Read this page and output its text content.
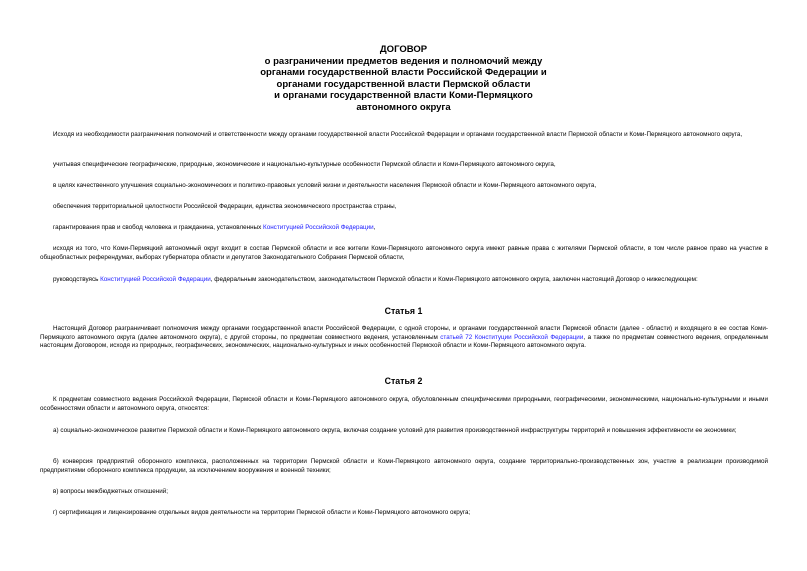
ДОГОВОР
о разграничении предметов ведения и полномочий между
органами государственной власти Российской Федерации и
органами государственной власти Пермской области
и органами государственной власти Коми-Пермяцкого
автономного округа
Исходя из необходимости разграничения полномочий и ответственности между органами государственной власти Российской Федерации и органами государственной власти Пермской области и Коми-Пермяцкого автономного округа,
учитывая специфические географические, природные, экономические и национально-культурные особенности Пермской области и Коми-Пермяцкого автономного округа,
в целях качественного улучшения социально-экономических и политико-правовых условий жизни и деятельности населения Пермской области и Коми-Пермяцкого автономного округа,
обеспечения территориальной целостности Российской Федерации, единства экономического пространства страны,
гарантирования прав и свобод человека и гражданина, установленных Конституцией Российской Федерации,
исходя из того, что Коми-Пермяцкий автономный округ входит в состав Пермской области и все жители Коми-Пермяцкого автономного округа имеют равные права с жителями Пермской области, в том числе равное право на участие в общеобластных референдумах, выборах губернатора области и депутатов Законодательного Собрания Пермской области,
руководствуясь Конституцией Российской Федерации, федеральным законодательством, законодательством Пермской области и Коми-Пермяцкого автономного округа, заключен настоящий Договор о нижеследующем:
Статья 1
Настоящий Договор разграничивает полномочия между органами государственной власти Российской Федерации, с одной стороны, и органами государственной власти Пермской области (далее - области) и входящего в ее состав Коми-Пермяцкого автономного округа (далее автономного округа), с другой стороны, по предметам совместного ведения, установленным статьей 72 Конституции Российской Федерации, а также по предметам совместного ведения, определенным настоящим Договором, исходя из природных, географических, экономических, национально-культурных и иных особенностей Пермской области и Коми-Пермяцкого автономного округа.
Статья 2
К предметам совместного ведения Российской Федерации, Пермской области и Коми-Пермяцкого автономного округа, обусловленным специфическими природными, географическими, экономическими, национально-культурными и иными особенностями области и автономного округа, относятся:
а) социально-экономическое развитие Пермской области и Коми-Пермяцкого автономного округа, включая создание условий для развития производственной инфраструктуры территорий и повышения эффективности ее экономики;
б) конверсия предприятий оборонного комплекса, расположенных на территории Пермской области и Коми-Пермяцкого автономного округа, создание территориально-производственных зон, участие в реализации производимой предприятиями оборонного комплекса продукции, за исключением вооружения и военной техники;
в) вопросы межбюджетных отношений;
г) сертификация и лицензирование отдельных видов деятельности на территории Пермской области и Коми-Пермяцкого автономного округа;
